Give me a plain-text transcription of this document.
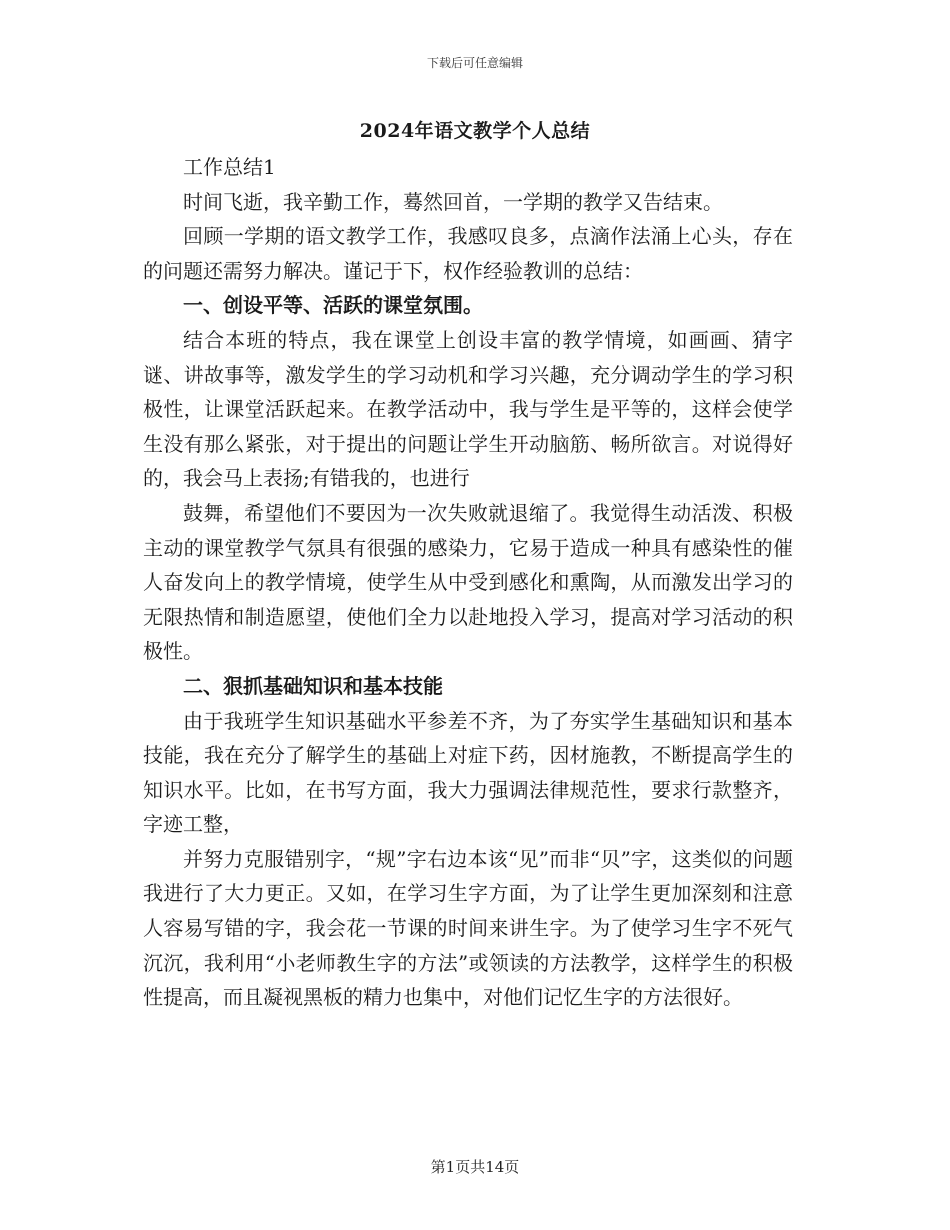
下载后可任意编辑
2024年语文教学个人总结

工作总结1

时间飞逝，我辛勤工作，蓦然回首，一学期的教学又告结束。

回顾一学期的语文教学工作，我感叹良多，点滴作法涌上心头，存在的问题还需努力解决。谨记于下，权作经验教训的总结：

一、创设平等、活跃的课堂氛围。

结合本班的特点，我在课堂上创设丰富的教学情境，如画画、猜字谜、讲故事等，激发学生的学习动机和学习兴趣，充分调动学生的学习积极性，让课堂活跃起来。在教学活动中，我与学生是平等的，这样会使学生没有那么紧张，对于提出的问题让学生开动脑筋、畅所欲言。对说得好的，我会马上表扬;有错我的，也进行

鼓舞，希望他们不要因为一次失败就退缩了。我觉得生动活泼、积极主动的课堂教学气氛具有很强的感染力，它易于造成一种具有感染性的催人奋发向上的教学情境，使学生从中受到感化和熏陶，从而激发出学习的无限热情和制造愿望，使他们全力以赴地投入学习，提高对学习活动的积极性。

二、狠抓基础知识和基本技能

由于我班学生知识基础水平参差不齐，为了夯实学生基础知识和基本技能，我在充分了解学生的基础上对症下药，因材施教，不断提高学生的知识水平。比如，在书写方面，我大力强调法律规范性，要求行款整齐，字迹工整，

并努力克服错别字，“规”字右边本该“见”而非“贝”字，这类似的问题我进行了大力更正。又如，在学习生字方面，为了让学生更加深刻和注意人容易写错的字，我会花一节课的时间来讲生字。为了使学习生字不死气沉沉，我利用“小老师教生字的方法”或领读的方法教学，这样学生的积极性提高，而且凝视黑板的精力也集中，对他们记忆生字的方法很好。

第1页共14页
